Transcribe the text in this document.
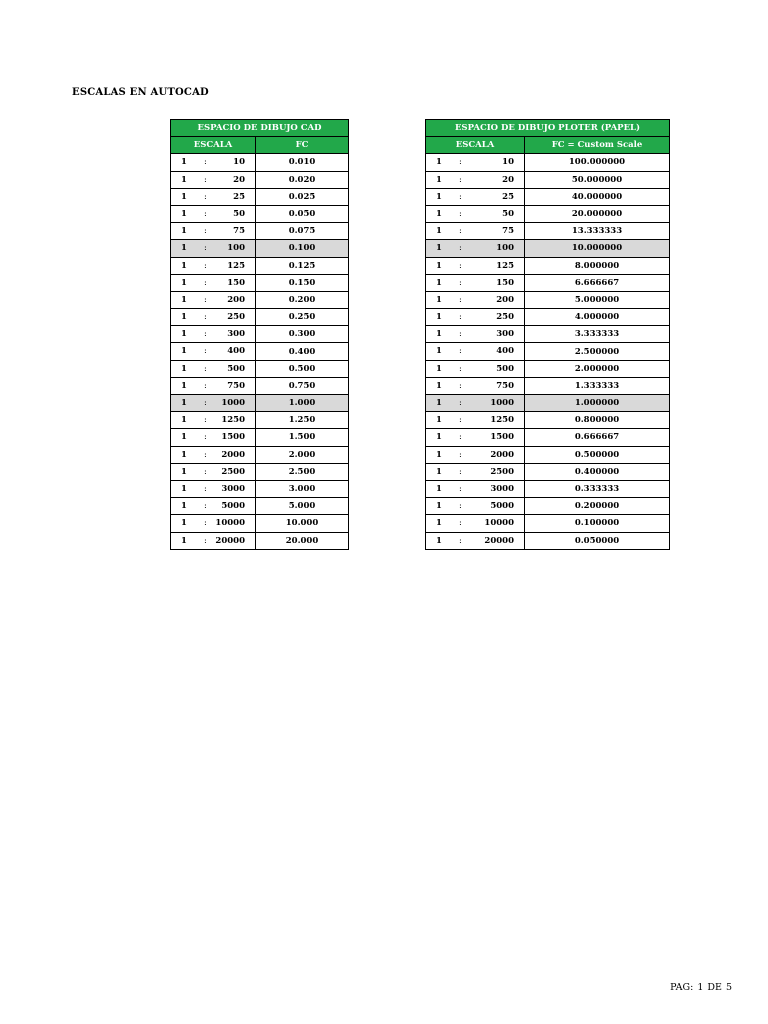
ESCALAS EN AUTOCAD
ESPACIO DE DIBUJO CAD	
ESCALA	FC

1 : 10	0.010

1 : 20	0.020

1 : 25	0.025

1 : 50	0.050

1 : 75	0.075

1 : 100	0.100

1 : 125	0.125

1 : 150	0.150

1 : 200	0.200

1 : 250	0.250

1 : 300	0.300

1 : 400	0.400

1 : 500	0.500

1 : 750	0.750

1 : 1000	1.000

1 : 1250	1.250

1 : 1500	1.500

1 : 2000	2.000

1 : 2500	2.500

1 : 3000	3.000

1 : 5000	5.000

1 : 10000	10.000

1 : 20000	20.000
ESPACIO DE DIBUJO PLOTER (PAPEL)	
ESCALA	FC = Custom Scale

1 : 10	100.000000

1 : 20	50.000000

1 : 25	40.000000

1 : 50	20.000000

1 : 75	13.333333

1 : 100	10.000000

1 : 125	8.000000

1 : 150	6.666667

1 : 200	5.000000

1 : 250	4.000000

1 : 300	3.333333

1 : 400	2.500000

1 : 500	2.000000

1 : 750	1.333333

1 : 1000	1.000000

1 : 1250	0.800000

1 : 1500	0.666667

1 : 2000	0.500000

1 : 2500	0.400000

1 : 3000	0.333333

1 : 5000	0.200000

1 : 10000	0.100000

1 : 20000	0.050000
PAG: 1 DE 5
